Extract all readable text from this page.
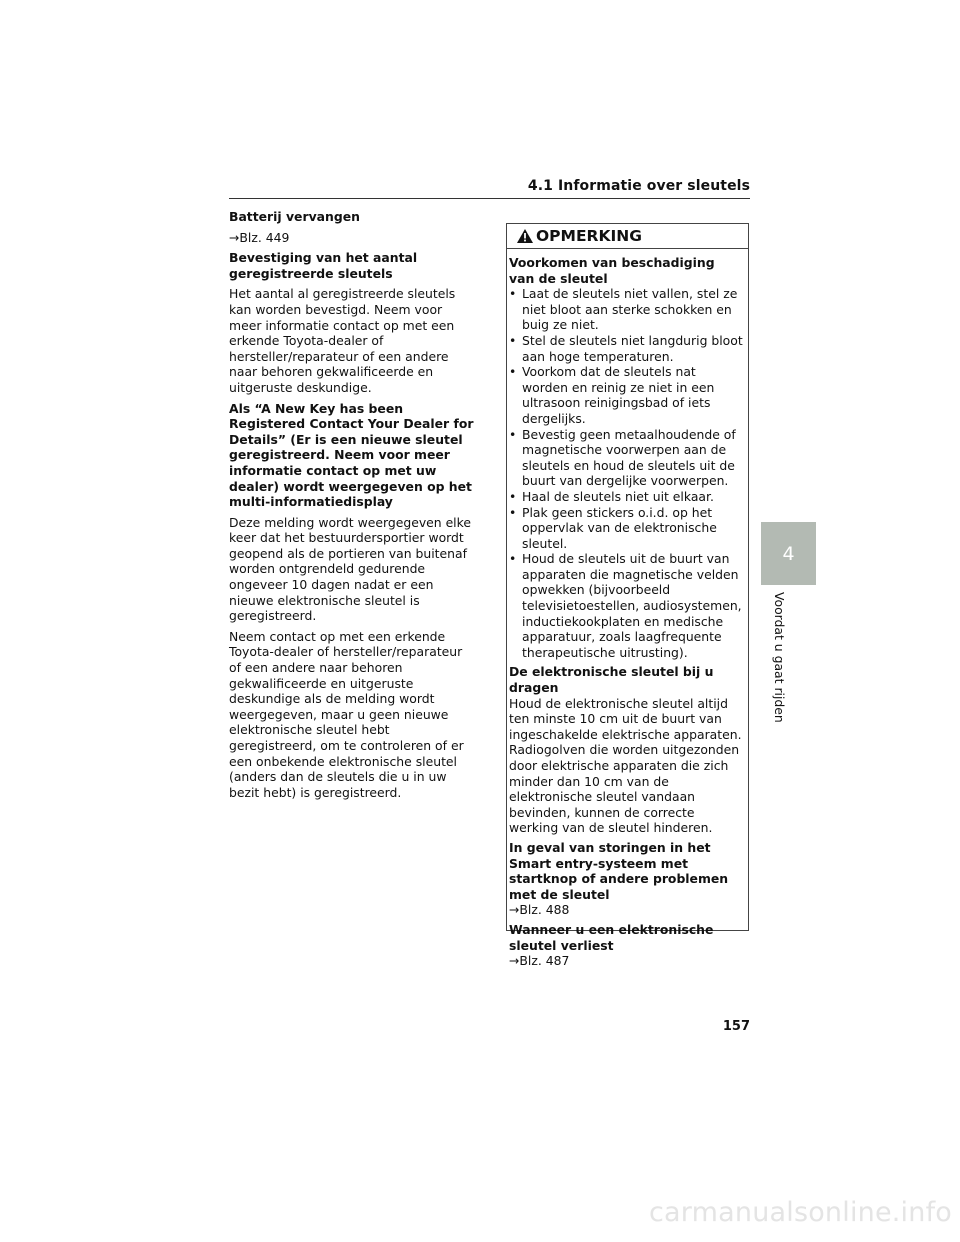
4.1 Informatie over sleutels

Batterij vervangen

→Blz. 449

Bevestiging van het aantal geregistreerde sleutels

Het aantal al geregistreerde sleutels kan worden bevestigd. Neem voor meer informatie contact op met een erkende Toyota-dealer of hersteller/reparateur of een andere naar behoren gekwalificeerde en uitgeruste deskundige.

Als “A New Key has been Registered Contact Your Dealer for Details” (Er is een nieuwe sleutel geregistreerd. Neem voor meer informatie contact op met uw dealer) wordt weergegeven op het multi-informatiedisplay

Deze melding wordt weergegeven elke keer dat het bestuurdersportier wordt geopend als de portieren van buitenaf worden ontgrendeld gedurende ongeveer 10 dagen nadat er een nieuwe elektronische sleutel is geregistreerd.

Neem contact op met een erkende Toyota-dealer of hersteller/reparateur of een andere naar behoren gekwalificeerde en uitgeruste deskundige als de melding wordt weergegeven, maar u geen nieuwe elektronische sleutel hebt geregistreerd, om te controleren of er een onbekende elektronische sleutel (anders dan de sleutels die u in uw bezit hebt) is geregistreerd.

OPMERKING

Voorkomen van beschadiging van de sleutel

• Laat de sleutels niet vallen, stel ze niet bloot aan sterke schokken en buig ze niet.
• Stel de sleutels niet langdurig bloot aan hoge temperaturen.
• Voorkom dat de sleutels nat worden en reinig ze niet in een ultrasoon reinigingsbad of iets dergelijks.
• Bevestig geen metaalhoudende of magnetische voorwerpen aan de sleutels en houd de sleutels uit de buurt van dergelijke voorwerpen.
• Haal de sleutels niet uit elkaar.
• Plak geen stickers o.i.d. op het oppervlak van de elektronische sleutel.
• Houd de sleutels uit de buurt van apparaten die magnetische velden opwekken (bijvoorbeeld televisietoestellen, audiosystemen, inductiekookplaten en medische apparatuur, zoals laagfrequente therapeutische uitrusting).

De elektronische sleutel bij u dragen

Houd de elektronische sleutel altijd ten minste 10 cm uit de buurt van ingeschakelde elektrische apparaten. Radiogolven die worden uitgezonden door elektrische apparaten die zich minder dan 10 cm van de elektronische sleutel vandaan bevinden, kunnen de correcte werking van de sleutel hinderen.

In geval van storingen in het Smart entry-systeem met startknop of andere problemen met de sleutel

→Blz. 488

Wanneer u een elektronische sleutel verliest

→Blz. 487

4
Voordat u gaat rijden
157
carmanualsonline.info
